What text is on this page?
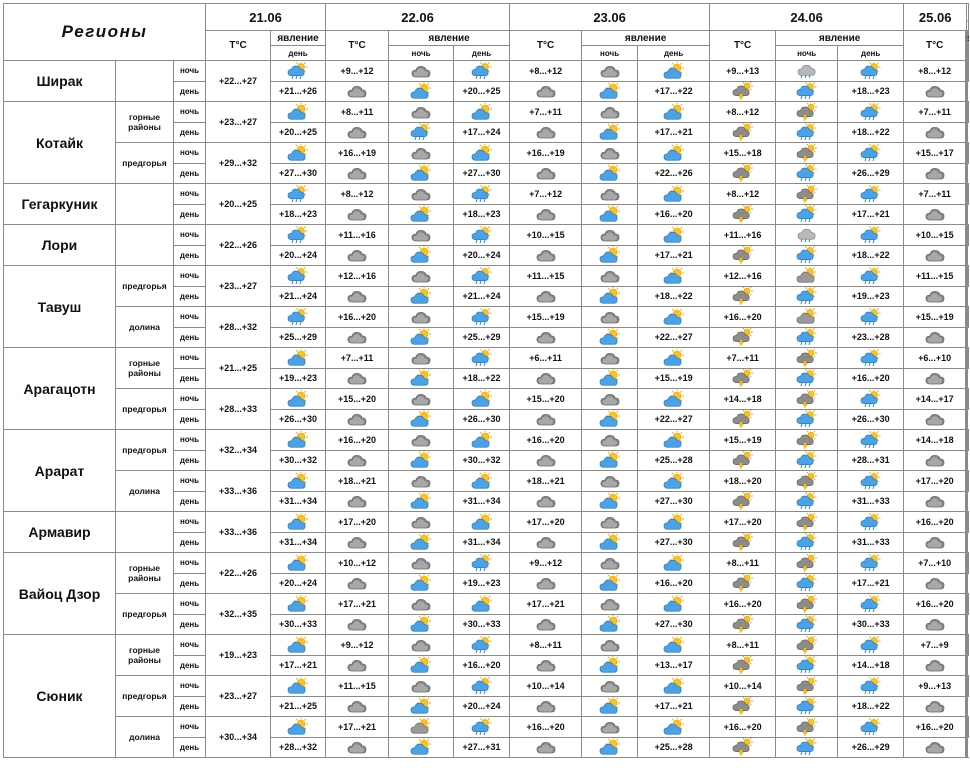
Регионы			21.06		22.06			23.06			24.06			25.06	
			Т°С	явление	Т°С	явление		Т°С	явление		Т°С	явление		Т°С			
				день		ночь	день		ночь	день		ночь	день				
Ширак		ночь	+22...+27		+9...+12			+8...+12			+9...+13			+8...+12					
		день		+21...+26			+20...+25			+17...+22			+18...+23					
Котайк	горные районы	ночь	+23...+27		+8...+11			+7...+11			+8...+12			+7...+11					
		день		+20...+25			+17...+24			+17...+21			+18...+22					
	предгорья	ночь	+29...+32		+16...+19			+16...+19			+15...+18			+15...+17					
		день		+27...+30			+27...+30			+22...+26			+26...+29					
Гегаркуник		ночь	+20...+25		+8...+12			+7...+12			+8...+12			+7...+11					
		день		+18...+23			+18...+23			+16...+20			+17...+21					
Лори		ночь	+22...+26		+11...+16			+10...+15			+11...+16			+10...+15					
		день		+20...+24			+20...+24			+17...+21			+18...+22					
Тавуш	предгорья	ночь	+23...+27		+12...+16			+11...+15			+12...+16			+11...+15					
		день		+21...+24			+21...+24			+18...+22			+19...+23					
	долина	ночь	+28...+32		+16...+20			+15...+19			+16...+20			+15...+19					
		день		+25...+29			+25...+29			+22...+27			+23...+28					
Арагацотн	горные районы	ночь	+21...+25		+7...+11			+6...+11			+7...+11			+6...+10					
		день		+19...+23			+18...+22			+15...+19			+16...+20					
	предгорья	ночь	+28...+33		+15...+20			+15...+20			+14...+18			+14...+17					
		день		+26...+30			+26...+30			+22...+27			+26...+30					
Арарат	предгорья	ночь	+32...+34		+16...+20			+16...+20			+15...+19			+14...+18					
		день		+30...+32			+30...+32			+25...+28			+28...+31					
	долина	ночь	+33...+36		+18...+21			+18...+21			+18...+20			+17...+20					
		день		+31...+34			+31...+34			+27...+30			+31...+33					
Армавир		ночь	+33...+36		+17...+20			+17...+20			+17...+20			+16...+20					
		день		+31...+34			+31...+34			+27...+30			+31...+33					
Вайоц Дзор	горные районы	ночь	+22...+26		+10...+12			+9...+12			+8...+11			+7...+10					
		день		+20...+24			+19...+23			+16...+20			+17...+21					
	предгорья	ночь	+32...+35		+17...+21			+17...+21			+16...+20			+16...+20					
		день		+30...+33			+30...+33			+27...+30			+30...+33					
Сюник	горные районы	ночь	+19...+23		+9...+12			+8...+11			+8...+11			+7...+9					
		день		+17...+21			+16...+20			+13...+17			+14...+18					
	предгорья	ночь	+23...+27		+11...+15			+10...+14			+10...+14			+9...+13					
		день		+21...+25			+20...+24			+17...+21			+18...+22					
	долина	ночь	+30...+34		+17...+21			+16...+20			+16...+20			+16...+20					
		день		+28...+32			+27...+31			+25...+28			+26...+29					
